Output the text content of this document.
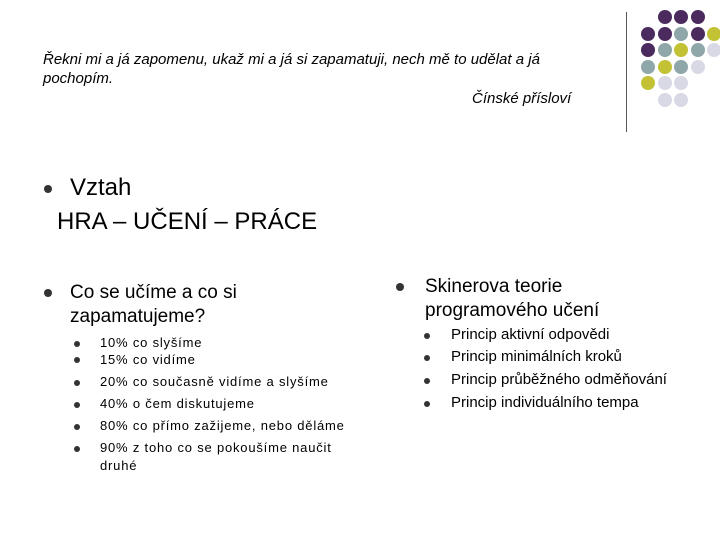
Řekni mi a já zapomenu, ukaž mi a já si zapamatuji, nech mě to udělat a já pochopím.
Čínské přísloví
Vztah
HRA – UČENÍ – PRÁCE
Co se učíme a co si
zapamatujeme?
10% co slyšíme
15% co vidíme
20% co současně vidíme a slyšíme
40% o čem diskutujeme
80% co přímo zažijeme, nebo děláme
90% z toho co se pokoušíme naučit
druhé
Skinerova teorie
programového učení
Princip aktivní odpovědi
Princip minimálních kroků
Princip průběžného odměňování
Princip individuálního tempa
